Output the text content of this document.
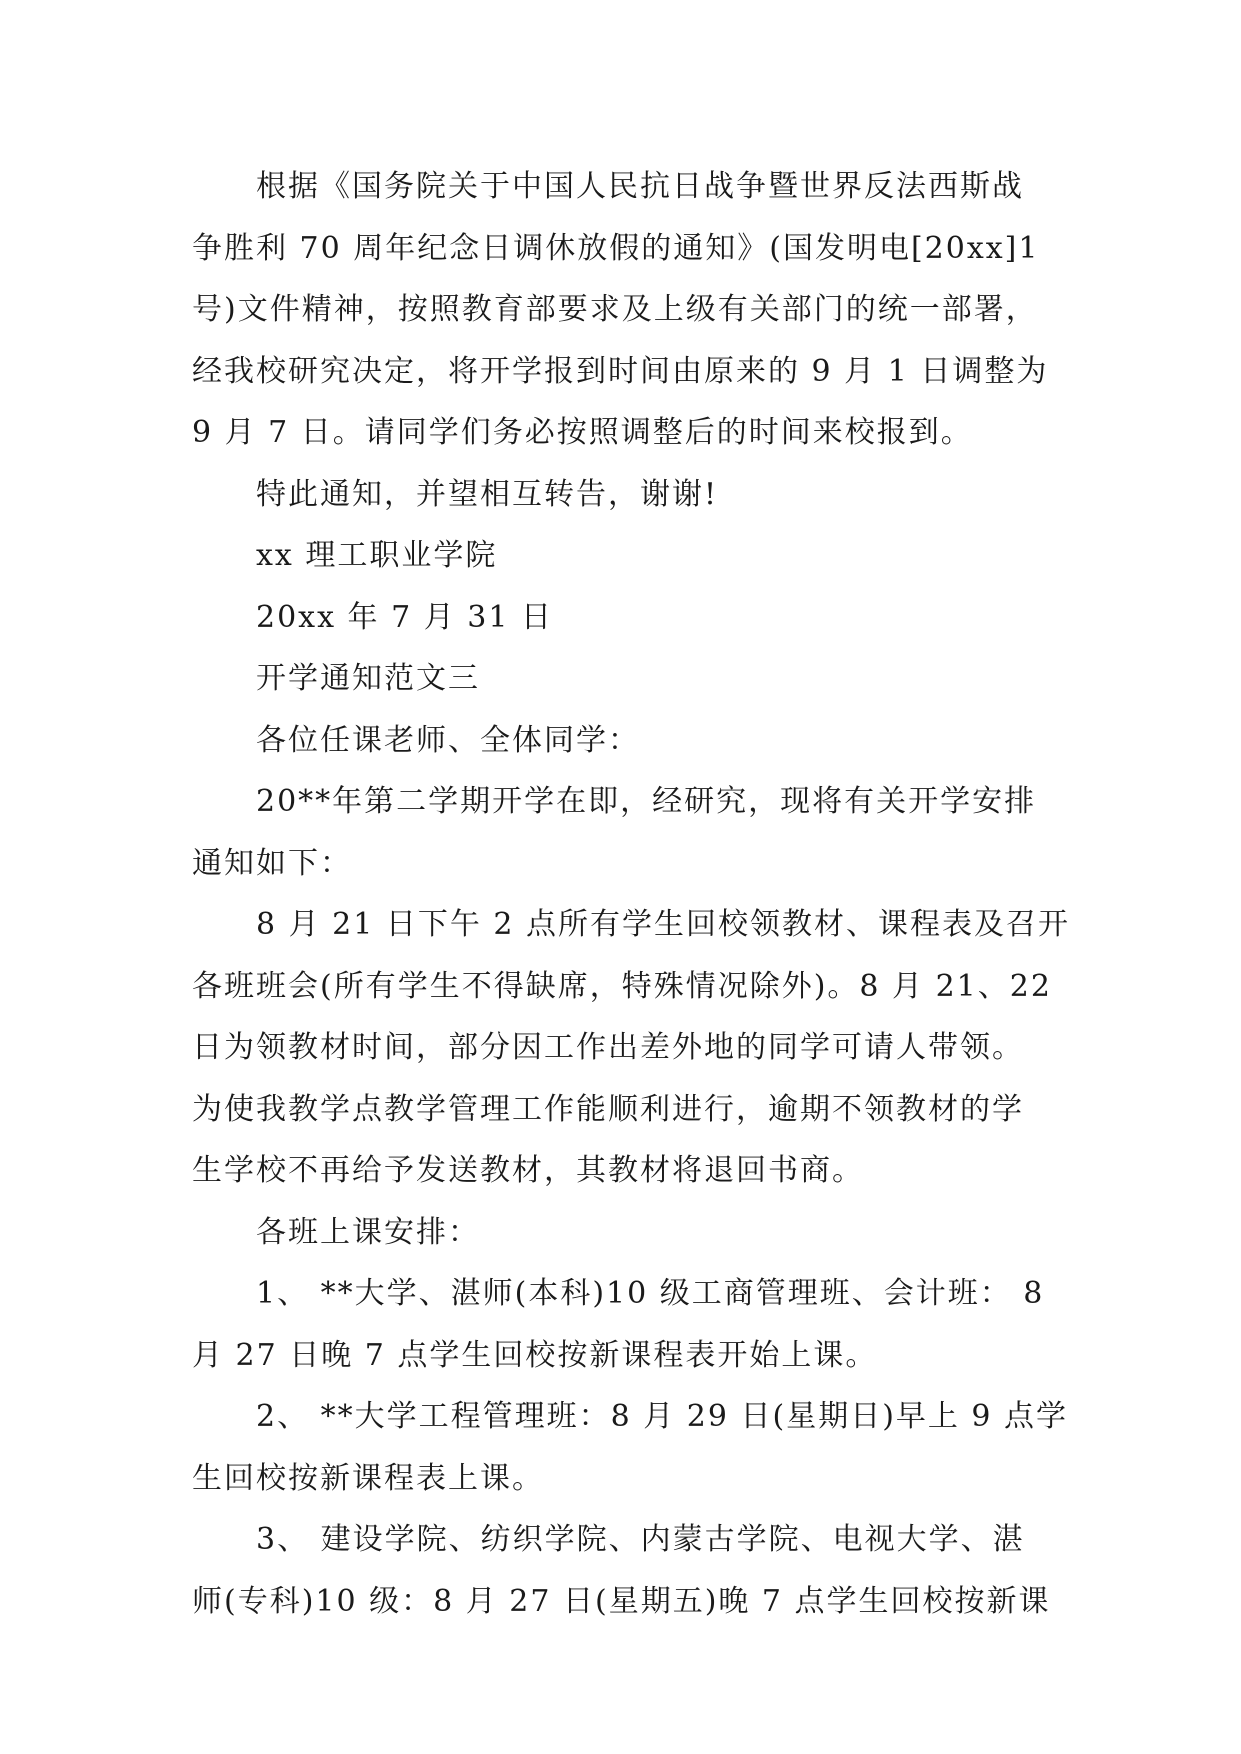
根据《国务院关于中国人民抗日战争暨世界反法西斯战
争胜利 70 周年纪念日调休放假的通知》(国发明电[20xx]1
号)文件精神，按照教育部要求及上级有关部门的统一部署，
经我校研究决定，将开学报到时间由原来的 9 月 1 日调整为
9 月 7 日。请同学们务必按照调整后的时间来校报到。
特此通知，并望相互转告，谢谢!
xx 理工职业学院
20xx 年 7 月 31 日
开学通知范文三
各位任课老师、全体同学：
20**年第二学期开学在即，经研究，现将有关开学安排
通知如下：
8 月 21 日下午 2 点所有学生回校领教材、课程表及召开
各班班会(所有学生不得缺席，特殊情况除外)。8 月 21、22
日为领教材时间，部分因工作出差外地的同学可请人带领。
为使我教学点教学管理工作能顺利进行，逾期不领教材的学
生学校不再给予发送教材，其教材将退回书商。
各班上课安排：
1、 **大学、湛师(本科)10 级工商管理班、会计班： 8
月 27 日晚 7 点学生回校按新课程表开始上课。
2、 **大学工程管理班：8 月 29 日(星期日)早上 9 点学
生回校按新课程表上课。
3、 建设学院、纺织学院、内蒙古学院、电视大学、湛
师(专科)10 级：8 月 27 日(星期五)晚 7 点学生回校按新课
